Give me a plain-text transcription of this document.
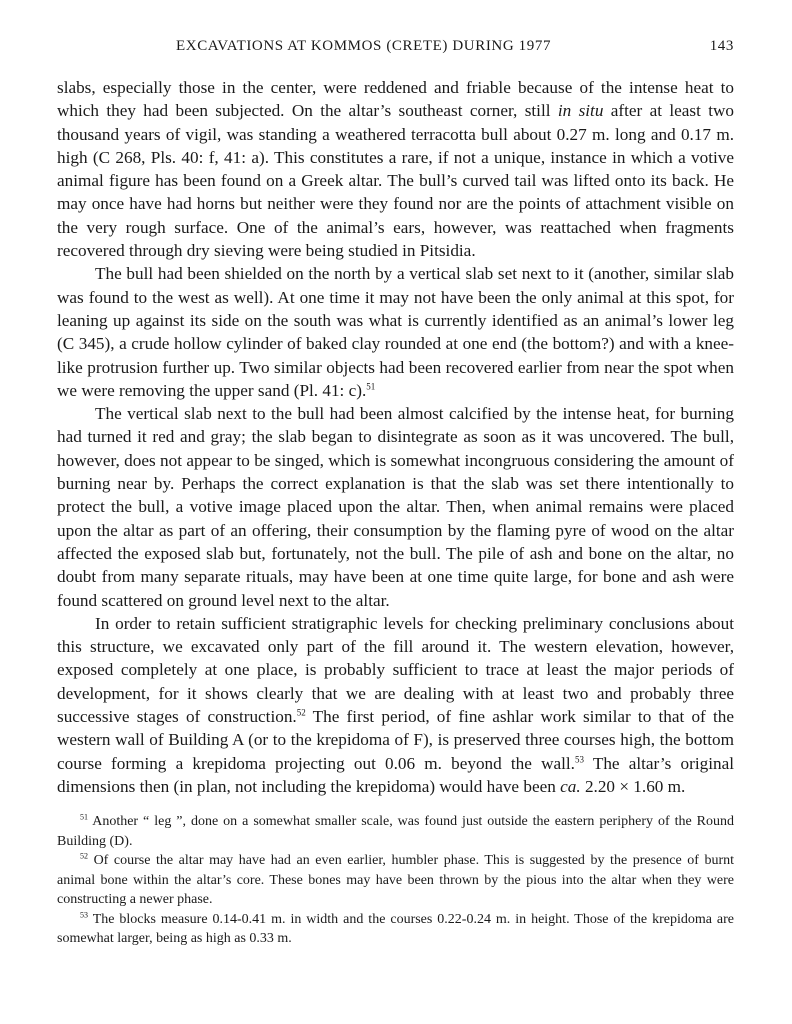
EXCAVATIONS AT KOMMOS (CRETE) DURING 1977	143

slabs, especially those in the center, were reddened and friable because of the intense heat to which they had been subjected. On the altar’s southeast corner, still in situ after at least two thousand years of vigil, was standing a weathered terracotta bull about 0.27 m. long and 0.17 m. high (C 268, Pls. 40: f, 41: a). This constitutes a rare, if not a unique, instance in which a votive animal figure has been found on a Greek altar. The bull’s curved tail was lifted onto its back. He may once have had horns but neither were they found nor are the points of attachment visible on the very rough surface. One of the animal’s ears, however, was reattached when fragments recovered through dry sieving were being studied in Pitsidia.

The bull had been shielded on the north by a vertical slab set next to it (another, similar slab was found to the west as well). At one time it may not have been the only animal at this spot, for leaning up against its side on the south was what is currently identified as an animal’s lower leg (C 345), a crude hollow cylinder of baked clay rounded at one end (the bottom?) and with a knee-like protrusion further up. Two similar objects had been recovered earlier from near the spot when we were removing the upper sand (Pl. 41: c).$^{51}$

The vertical slab next to the bull had been almost calcified by the intense heat, for burning had turned it red and gray; the slab began to disintegrate as soon as it was uncovered. The bull, however, does not appear to be singed, which is somewhat incongruous considering the amount of burning near by. Perhaps the correct explanation is that the slab was set there intentionally to protect the bull, a votive image placed upon the altar. Then, when animal remains were placed upon the altar as part of an offering, their consumption by the flaming pyre of wood on the altar affected the exposed slab but, fortunately, not the bull. The pile of ash and bone on the altar, no doubt from many separate rituals, may have been at one time quite large, for bone and ash were found scattered on ground level next to the altar.

In order to retain sufficient stratigraphic levels for checking preliminary conclusions about this structure, we excavated only part of the fill around it. The western elevation, however, exposed completely at one place, is probably sufficient to trace at least the major periods of development, for it shows clearly that we are dealing with at least two and probably three successive stages of construction.$^{52}$ The first period, of fine ashlar work similar to that of the western wall of Building A (or to the krepidoma of F), is preserved three courses high, the bottom course forming a krepidoma projecting out 0.06 m. beyond the wall.$^{53}$ The altar’s original dimensions then (in plan, not including the krepidoma) would have been ca. 2.20 × 1.60 m.

$^{51}$ Another “ leg ”, done on a somewhat smaller scale, was found just outside the eastern periphery of the Round Building (D).

$^{52}$ Of course the altar may have had an even earlier, humbler phase. This is suggested by the presence of burnt animal bone within the altar’s core. These bones may have been thrown by the pious into the altar when they were constructing a newer phase.

$^{53}$ The blocks measure 0.14-0.41 m. in width and the courses 0.22-0.24 m. in height. Those of the krepidoma are somewhat larger, being as high as 0.33 m.
